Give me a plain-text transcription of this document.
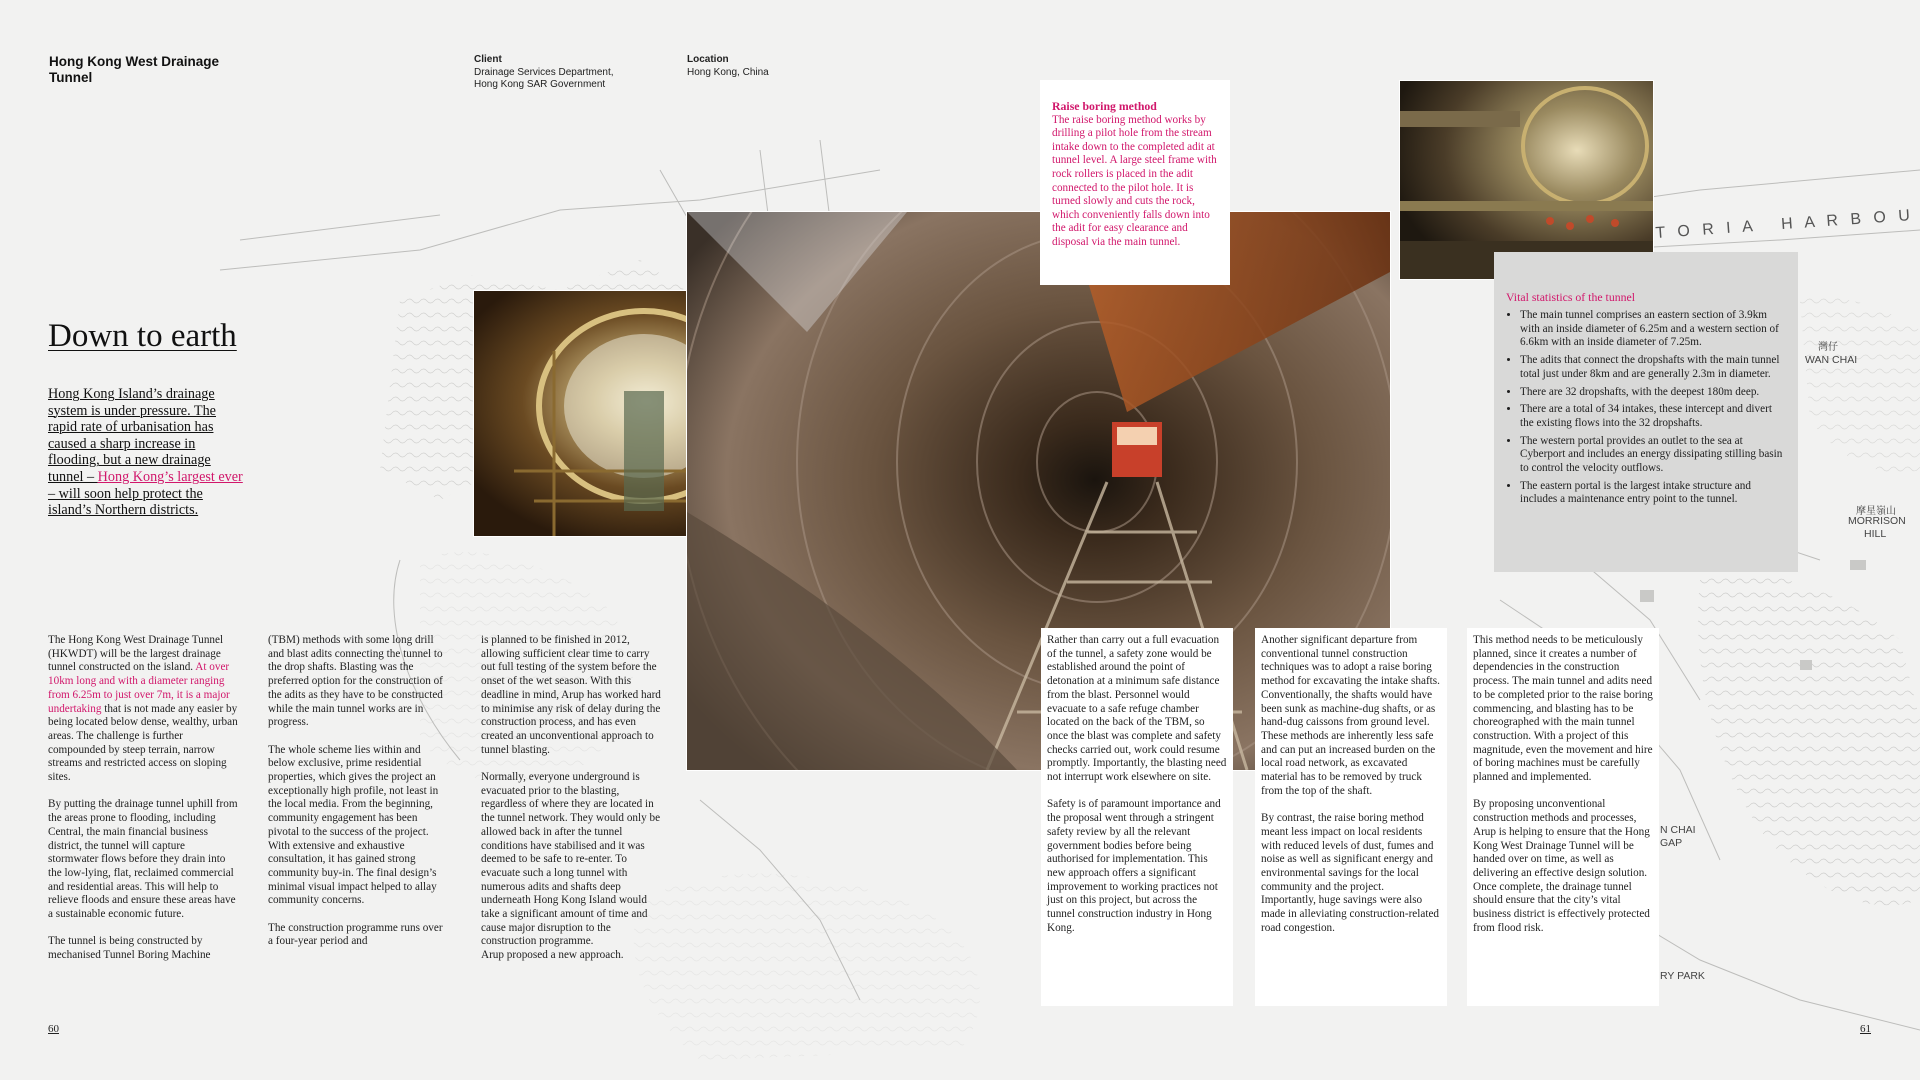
T O R I A   H A R B O U
灣仔
WAN CHAI
摩星嶺山
MORRISON
HILL
N CHAI
GAP
RY PARK
Hong Kong West Drainage Tunnel
Client
Drainage Services Department,
Hong Kong SAR Government
Location
Hong Kong, China
Down to earth
Hong Kong Island’s drainage system is under pressure. The rapid rate of urbanisation has caused a sharp increase in flooding, but a new drainage tunnel – Hong Kong’s largest ever – will soon help protect the island’s Northern districts.
Raise boring method
The raise boring method works by drilling a pilot hole from the stream intake down to the completed adit at tunnel level. A large steel frame with rock rollers is placed in the adit connected to the pilot hole. It is turned slowly and cuts the rock, which conveniently falls down into the adit for easy clearance and disposal via the main tunnel.
Vital statistics of the tunnel
• The main tunnel comprises an eastern section of 3.9km with an inside diameter of 6.25m and a western section of 6.6km with an inside diameter of 7.25m.
• The adits that connect the dropshafts with the main tunnel total just under 8km and are generally 2.3m in diameter.
• There are 32 dropshafts, with the deepest 180m deep.
• There are a total of 34 intakes, these intercept and divert the existing flows into the 32 dropshafts.
• The western portal provides an outlet to the sea at Cyberport and includes an energy dissipating stilling basin to control the velocity outflows.
• The eastern portal is the largest intake structure and includes a maintenance entry point to the tunnel.

The Hong Kong West Drainage Tunnel (HKWDT) will be the largest drainage tunnel constructed on the island. At over 10km long and with a diameter ranging from 6.25m to just over 7m, it is a major undertaking that is not made any easier by being located below dense, wealthy, urban areas. The challenge is further compounded by steep terrain, narrow streams and restricted access on sloping sites.

By putting the drainage tunnel uphill from the areas prone to flooding, including Central, the main financial business district, the tunnel will capture stormwater flows before they drain into the low-lying, flat, reclaimed commercial and residential areas. This will help to relieve floods and ensure these areas have a sustainable economic future.

The tunnel is being constructed by mechanised Tunnel Boring Machine

(TBM) methods with some long drill and blast adits connecting the tunnel to the drop shafts. Blasting was the preferred option for the construction of the adits as they have to be constructed while the main tunnel works are in progress.

The whole scheme lies within and below exclusive, prime residential properties, which gives the project an exceptionally high profile, not least in the local media. From the beginning, community engagement has been pivotal to the success of the project. With extensive and exhaustive consultation, it has gained strong community buy-in. The final design’s minimal visual impact helped to allay community concerns.

The construction programme runs over a four-year period and

is planned to be finished in 2012, allowing sufficient clear time to carry out full testing of the system before the onset of the wet season. With this deadline in mind, Arup has worked hard to minimise any risk of delay during the construction process, and has even created an unconventional approach to tunnel blasting.

Normally, everyone underground is evacuated prior to the blasting, regardless of where they are located in the tunnel network. They would only be allowed back in after the tunnel conditions have stabilised and it was deemed to be safe to re-enter. To evacuate such a long tunnel with numerous adits and shafts deep underneath Hong Kong Island would take a significant amount of time and cause major disruption to the construction programme.

Arup proposed a new approach.

Rather than carry out a full evacuation of the tunnel, a safety zone would be established around the point of detonation at a minimum safe distance from the blast. Personnel would evacuate to a safe refuge chamber located on the back of the TBM, so once the blast was complete and safety checks carried out, work could resume promptly. Importantly, the blasting need not interrupt work elsewhere on site.

Safety is of paramount importance and the proposal went through a stringent safety review by all the relevant government bodies before being authorised for implementation. This new approach offers a significant improvement to working practices not just on this project, but across the tunnel construction industry in Hong Kong.

Another significant departure from conventional tunnel construction techniques was to adopt a raise boring method for excavating the intake shafts. Conventionally, the shafts would have been sunk as machine-dug shafts, or as hand-dug caissons from ground level. These methods are inherently less safe and can put an increased burden on the local road network, as excavated material has to be removed by truck from the top of the shaft.

By contrast, the raise boring method meant less impact on local residents with reduced levels of dust, fumes and noise as well as significant energy and environmental savings for the local community and the project. Importantly, huge savings were also made in alleviating construction-related road congestion.

This method needs to be meticulously planned, since it creates a number of dependencies in the construction process. The main tunnel and adits need to be completed prior to the raise boring commencing, and blasting has to be choreographed with the main tunnel construction. With a project of this magnitude, even the movement and hire of boring machines must be carefully planned and implemented.

By proposing unconventional construction methods and processes, Arup is helping to ensure that the Hong Kong West Drainage Tunnel will be handed over on time, as well as delivering an effective design solution. Once complete, the drainage tunnel should ensure that the city’s vital business district is effectively protected from flood risk.

60	61
